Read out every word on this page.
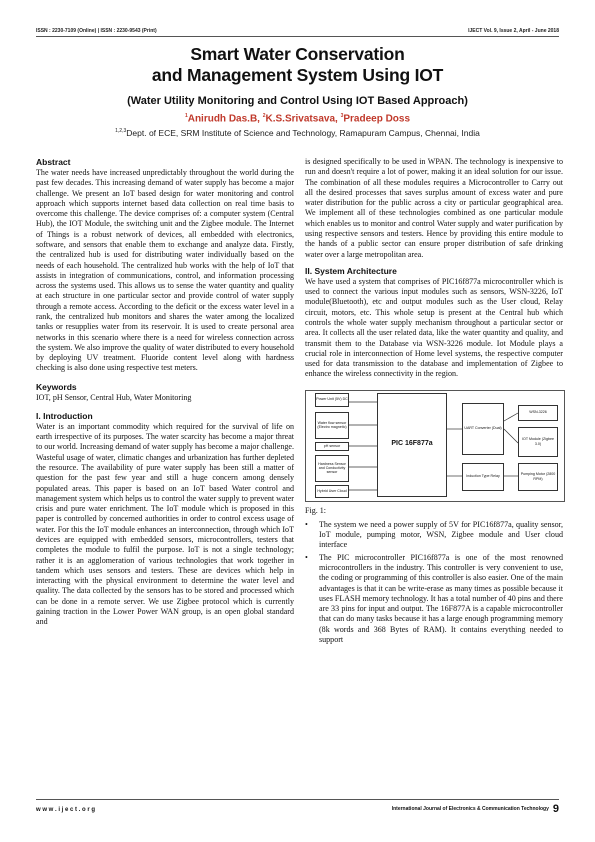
ISSN : 2230-7109 (Online) | ISSN : 2230-9543 (Print)	IJECT Vol. 9, Issue 2, April - June 2018
Smart Water Conservation
and Management System Using IOT
(Water Utility Monitoring and Control Using IOT Based Approach)
$^1$Anirudh Das.B, $^2$K.S.Srivatsava, $^3$Pradeep Doss
$^{1,2,3}$Dept. of ECE, SRM Institute of Science and Technology, Ramapuram Campus, Chennai, India
Abstract

The water needs have increased unpredictably throughout the world during the past few decades. This increasing demand of water supply has become a major challenge. We present an IoT based design for water monitoring and control approach which supports internet based data collection on real time basis to overcome this challenge. The device comprises of: a computer system (Central Hub), the IOT Module, the switching unit and the Zigbee module. The Internet of Things is a robust network of devices, all embedded with electronics, software, and sensors that enable them to exchange and analyze data. Firstly, the centralized hub is used for distributing water individually based on the needs of each household. The centralized hub works with the help of IoT that assists in integration of communications, control, and information processing across the systems used. This allows us to sense the water quantity and quality at each structure in one particular sector and provide control of water supply through a remote access. According to the deficit or the excess water level in a rank, the centralized hub monitors and shares the water among the localized tanks or resupplies water from its reservoir. It is used to create personal area networks in this scenario where there is a need for wireless connection across the system. We also improve the quality of water distributed to every household by deploying UV treatment. Fluoride content level along with hardness checking is also done using respective test meters.

Keywords

IOT, pH Sensor, Central Hub, Water Monitoring

I. Introduction

Water is an important commodity which required for the survival of life on earth irrespective of its purposes. The water scarcity has become a major threat to our world. Increasing demand of water supply has become a major challenge. Wasteful usage of water, climatic changes and urbanization has further depleted the resource. The availability of pure water supply has been still a matter of question for the past few year and still a huge concern among densely populated areas. This paper is based on an IoT based Water control and management system which helps us to control the water supply to prevent water crisis and pure water enrichment. The IoT module which is proposed in this paper is controlled by concerned authorities in order to control excess usage of water. For this the IoT module enhances an interconnection, through which IoT devices are equipped with embedded sensors, microcontrollers, testers that completes the module to fulfil the purpose. IoT is not a single technology; rather it is an agglomeration of various technologies that work together in tandem which uses sensors and testers. These are devices which help in interacting with the physical environment to determine the water level and quality. The data collected by the sensors has to be stored and processed which can be done in a remote server. We use Zigbee protocol which is currently gaining traction in the Lower Power WAN group, is an open global standard and

is designed specifically to be used in WPAN. The technology is inexpensive to run and doesn't require a lot of power, making it an ideal solution for our issue. The combination of all these modules requires a Microcontroller to Carry out all the desired processes that saves surplus amount of excess water and pure water distribution for the public across a city or particular geographical area. We implement all of these technologies combined as one particular module which enables us to monitor and control Water supply and water purification by using respective sensors and testers. Hence by providing this entire module to the hands of a public sector can ensure proper distribution of safe drinking water over a large metropolitan area.

II. System Architecture

We have used a system that comprises of PIC16f877a microcontroller which is used to connect the various input modules such as sensors, WSN-3226, IoT module(Bluetooth), etc and output modules such as the User cloud, Relay circuit, motors, etc. This whole setup is present at the Central hub which controls the whole water supply mechanism throughout a particular sector or area. It collects all the user related data, like the water quantity and quality, and transmit them to the Database via WSN-3226 module. Iot Module plays a crucial role in interconnection of Home level systems, the respective computer used for data transmission to the database and implementation of Zigbee to enhance the wireless connectivity in the region.

Power Unit (5V) DC
Water flow sensor (Electro magnetic)
pH sensor
Hardness Sensor and Conductivity sensor
Hybrid User Cloud
PIC 16F877a
UART Converter (Dual)
WSN-3226
IOT Module (Zigbee 3.0)
Induction Type Relay
Pumping Motor (2800 RPM)

Fig. 1:

• The system we need a power supply of 5V for PIC16f877a, quality sensor, IoT module, pumping motor, WSN, Zigbee module and User cloud interface
• The PIC microcontroller PIC16f877a is one of the most renowned microcontrollers in the industry. This controller is very convenient to use, the coding or programming of this controller is also easier. One of the main advantages is that it can be write-erase as many times as possible because it uses FLASH memory technology. It has a total number of 40 pins and there are 33 pins for input and output. The 16F877A is a capable microcontroller that can do many tasks because it has a large enough programming memory (8k words and 368 Bytes of RAM). It contains everything needed to support
w w w . i j e c t . o r g	International Journal of Electronics & Communication Technology 9
